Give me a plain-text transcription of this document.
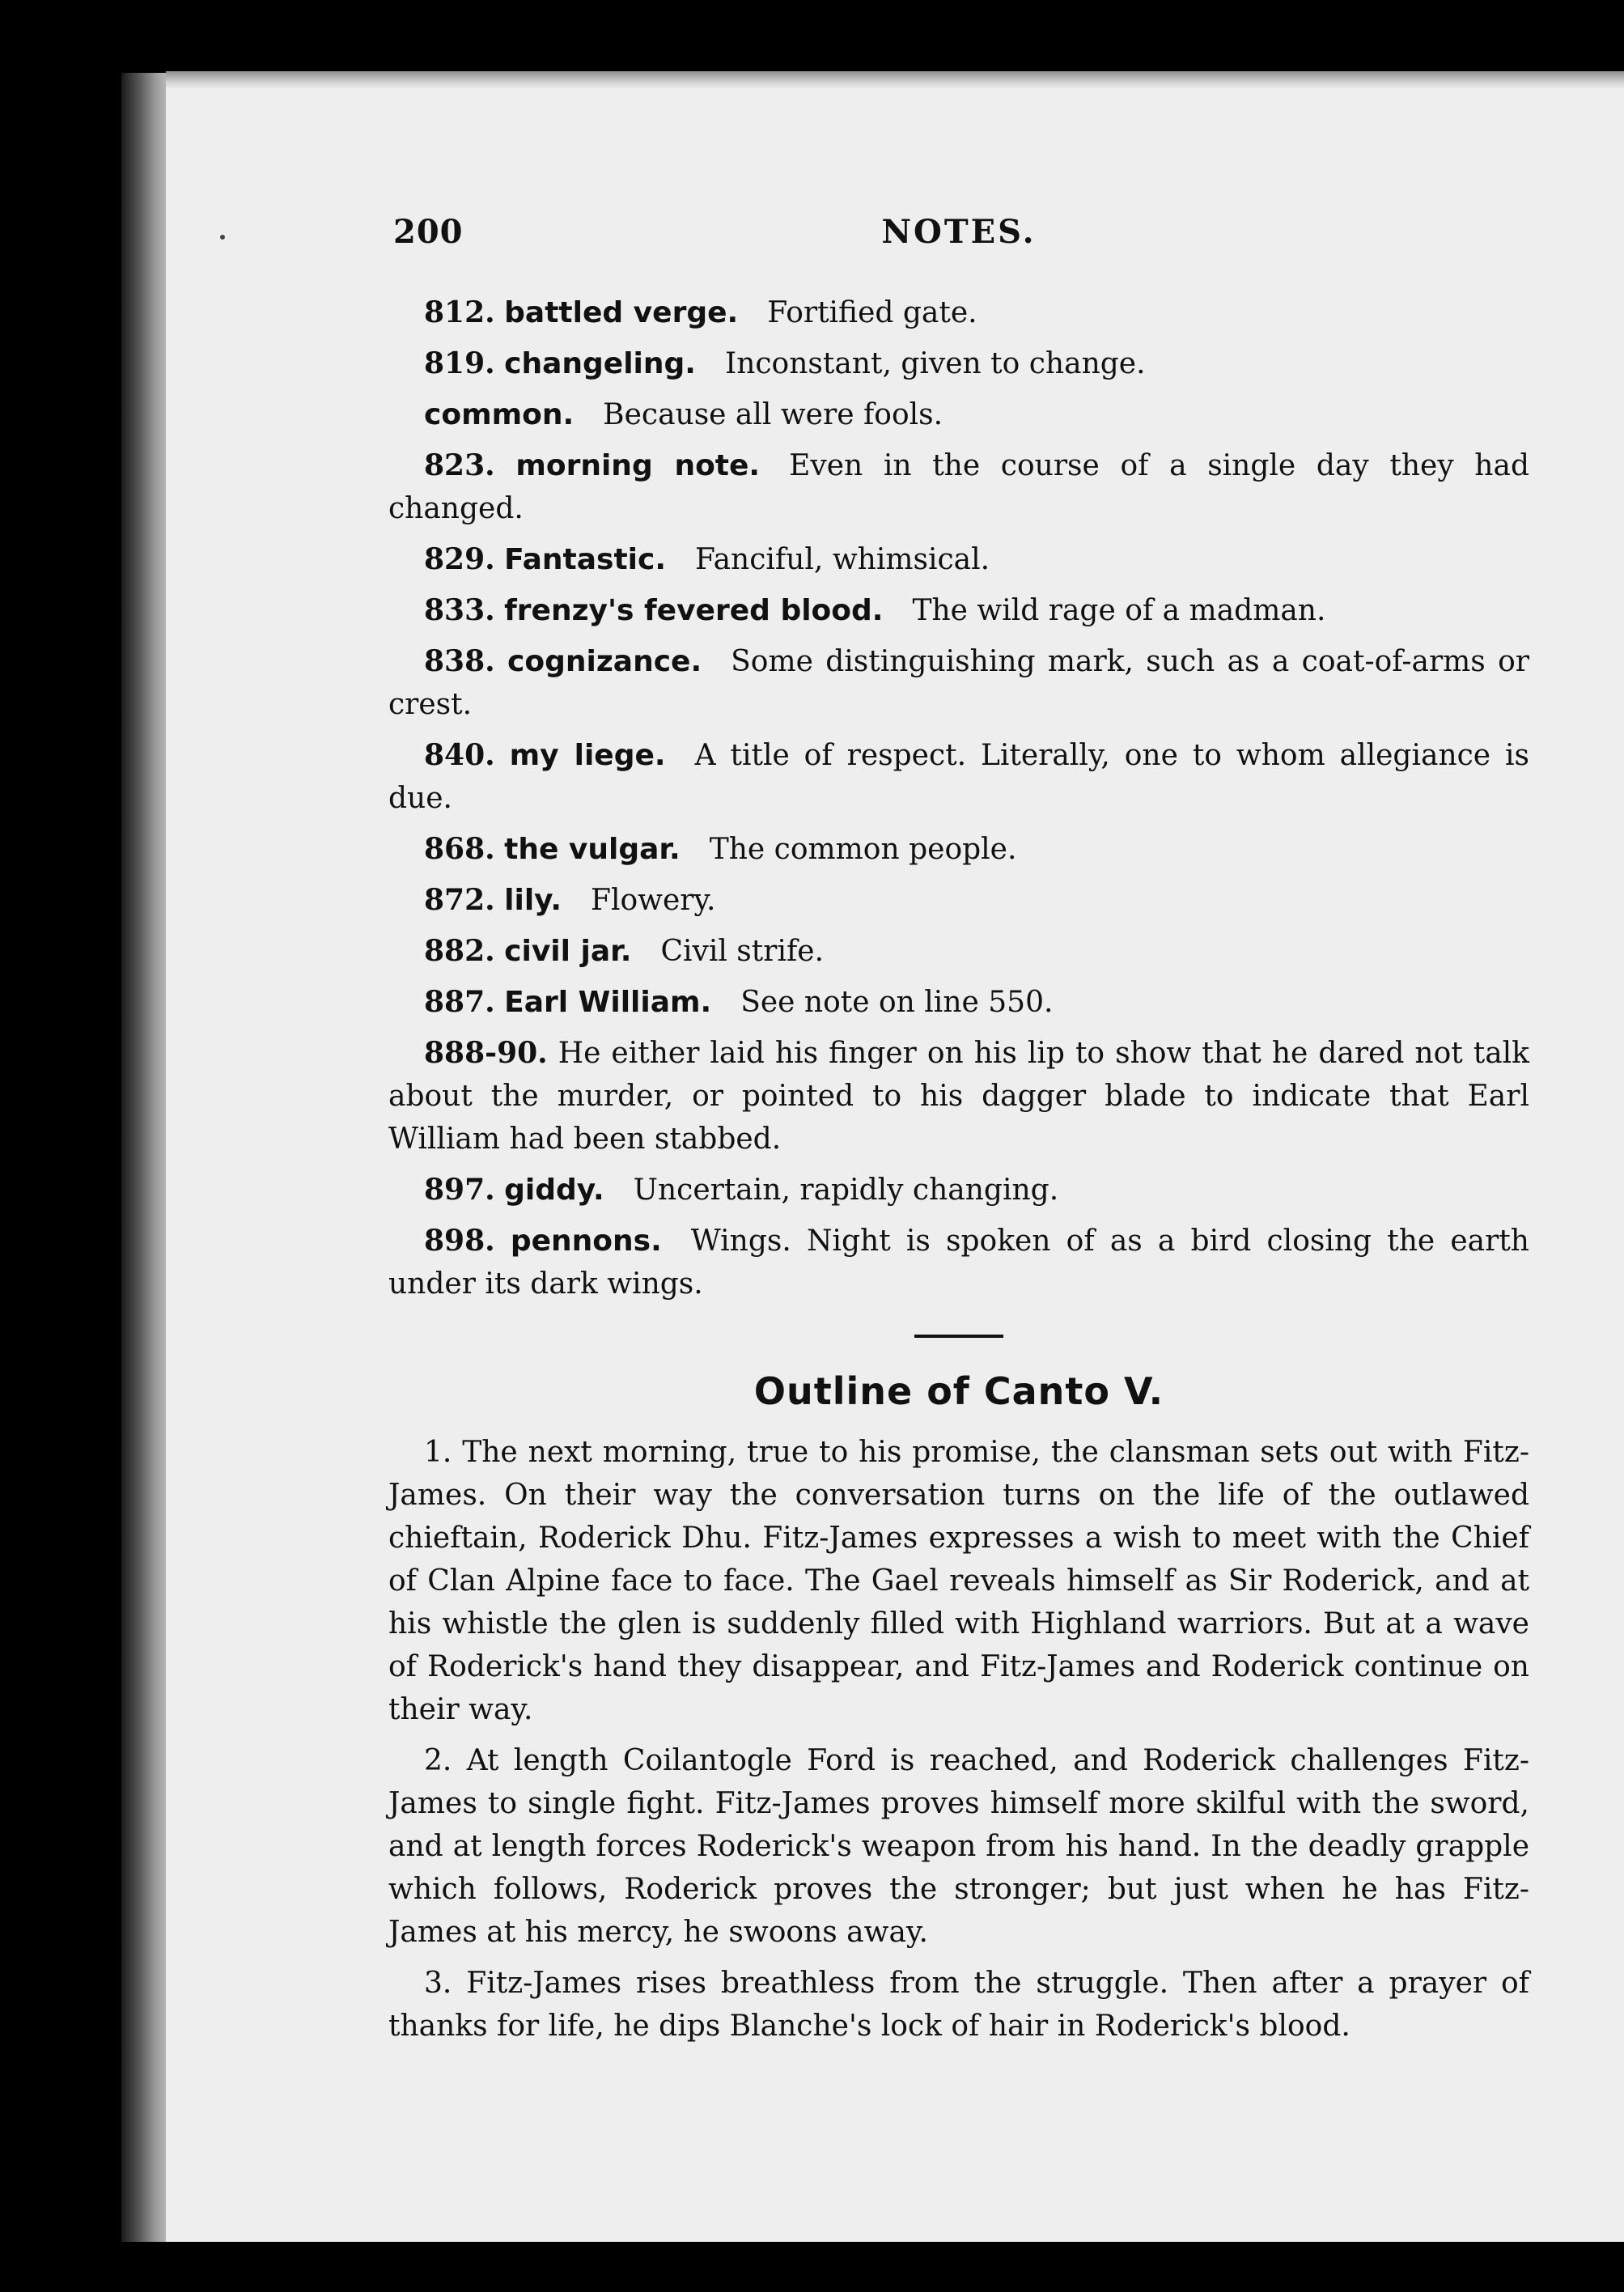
200	NOTES.

812. battled verge.  Fortified gate.

819. changeling.  Inconstant, given to change.

common.  Because all were fools.

823. morning note.  Even in the course of a single day they had changed.

829. Fantastic.  Fanciful, whimsical.

833. frenzy's fevered blood.  The wild rage of a madman.

838. cognizance.  Some distinguishing mark, such as a coat-of-arms or crest.

840. my liege.  A title of respect. Literally, one to whom allegiance is due.

868. the vulgar.  The common people.

872. lily.  Flowery.

882. civil jar.  Civil strife.

887. Earl William.  See note on line 550.

888-90. He either laid his finger on his lip to show that he dared not talk about the murder, or pointed to his dagger blade to indicate that Earl William had been stabbed.

897. giddy.  Uncertain, rapidly changing.

898. pennons.  Wings. Night is spoken of as a bird closing the earth under its dark wings.

Outline of Canto V.

1. The next morning, true to his promise, the clansman sets out with Fitz-James. On their way the conversation turns on the life of the outlawed chieftain, Roderick Dhu. Fitz-James expresses a wish to meet with the Chief of Clan Alpine face to face. The Gael reveals himself as Sir Roderick, and at his whistle the glen is suddenly filled with Highland warriors. But at a wave of Roderick's hand they disappear, and Fitz-James and Roderick continue on their way.

2. At length Coilantogle Ford is reached, and Roderick challenges Fitz-James to single fight. Fitz-James proves himself more skilful with the sword, and at length forces Roderick's weapon from his hand. In the deadly grapple which follows, Roderick proves the stronger; but just when he has Fitz-James at his mercy, he swoons away.

3. Fitz-James rises breathless from the struggle. Then after a prayer of thanks for life, he dips Blanche's lock of hair in Roderick's blood.
